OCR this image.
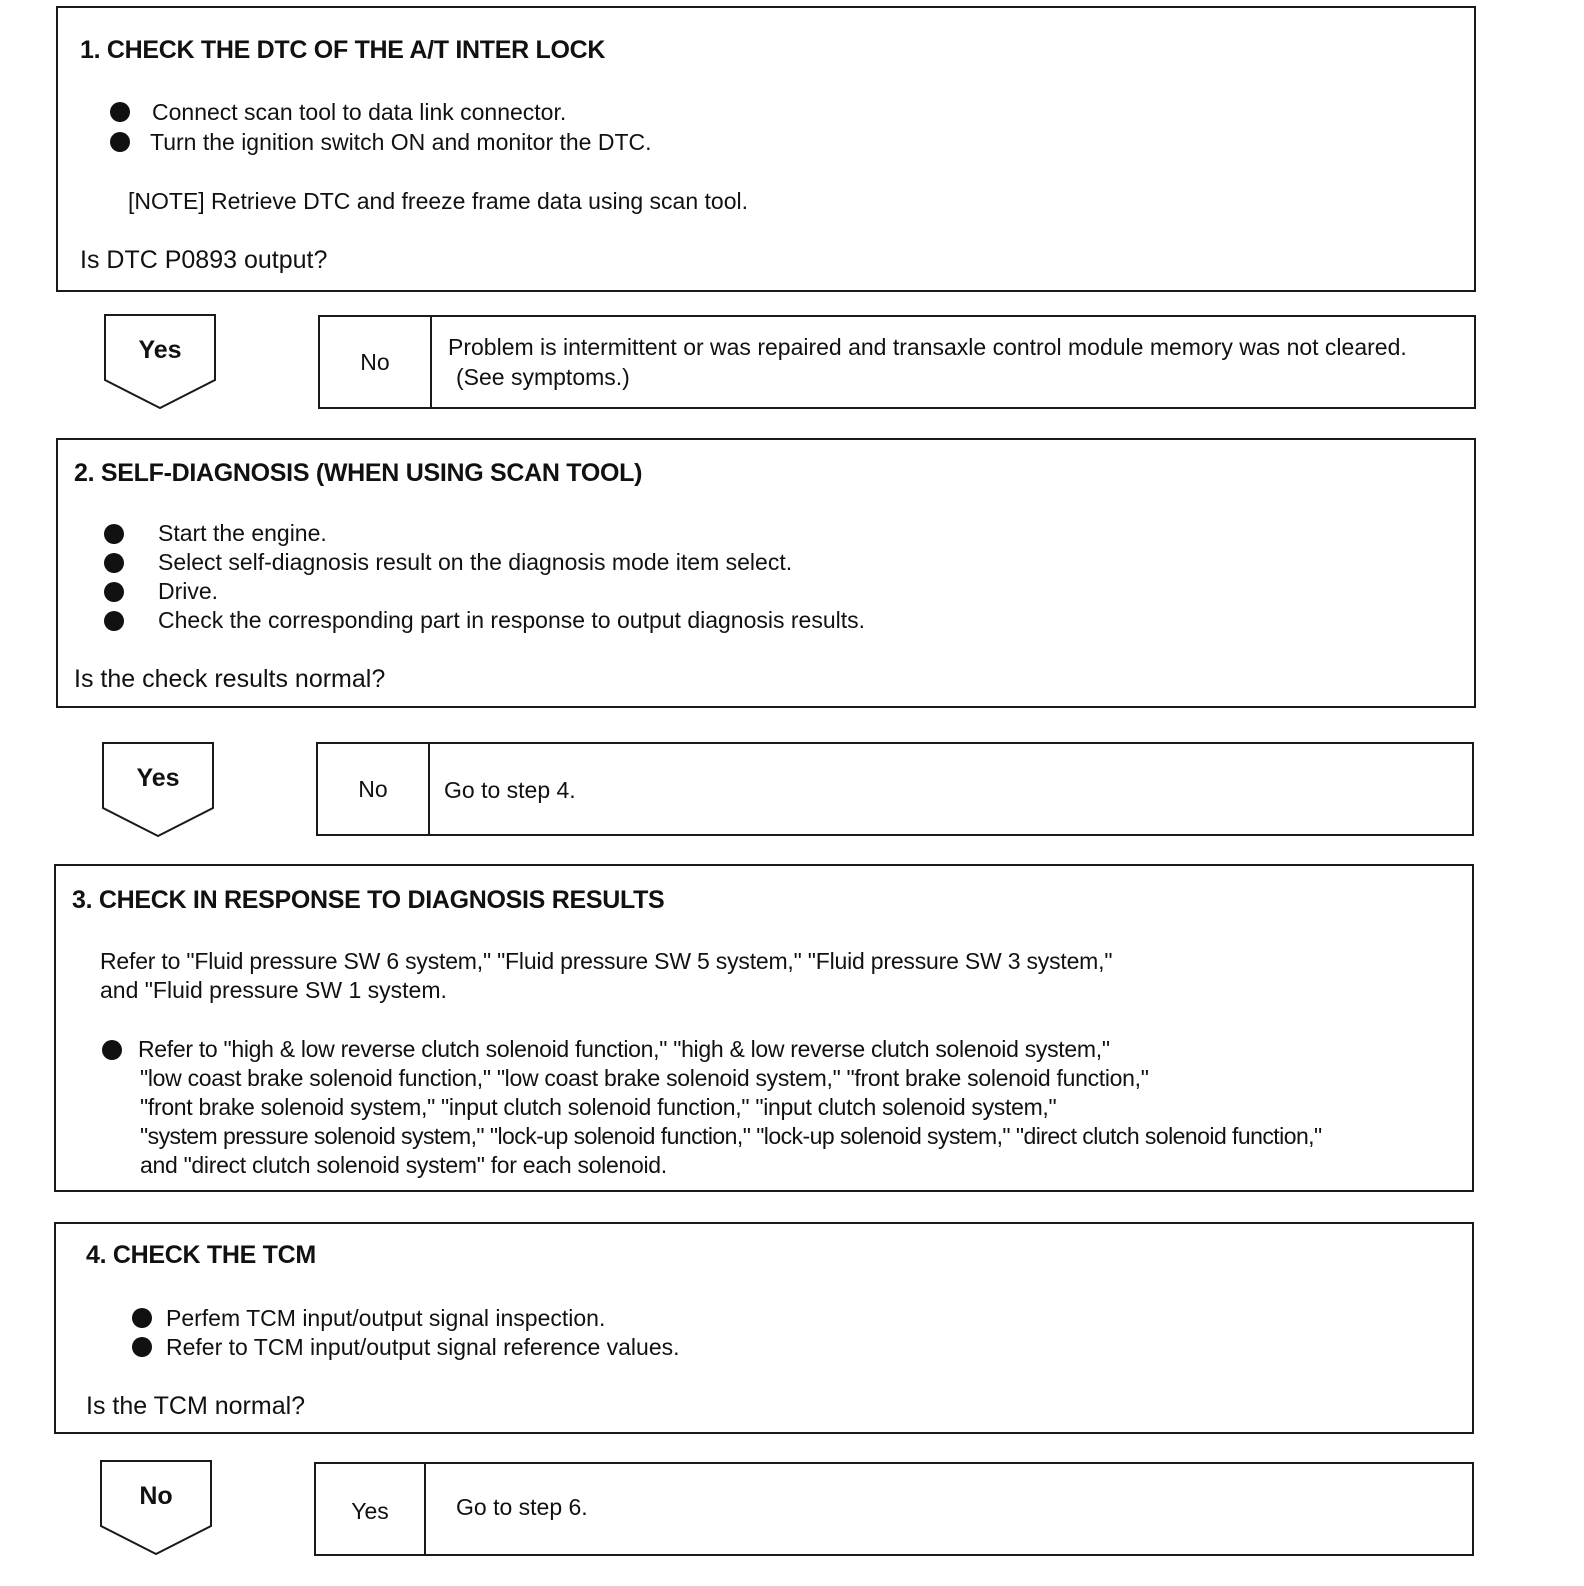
1. CHECK THE DTC OF THE A/T INTER LOCK
Connect scan tool to data link connector.
Turn the ignition switch ON and monitor the DTC.
[NOTE] Retrieve DTC and freeze frame data using scan tool.
Is DTC P0893 output?
Yes	No
Problem is intermittent or was repaired and transaxle control module memory was not cleared.
(See symptoms.)
2. SELF-DIAGNOSIS (WHEN USING SCAN TOOL)
Start the engine.
Select self-diagnosis result on the diagnosis mode item select.
Drive.
Check the corresponding part in response to output diagnosis results.
Is the check results normal?
Yes	No	Go to step 4.
3. CHECK IN RESPONSE TO DIAGNOSIS RESULTS
Refer to "Fluid pressure SW 6 system," "Fluid pressure SW 5 system," "Fluid pressure SW 3 system,"
and "Fluid pressure SW 1 system.
Refer to "high & low reverse clutch solenoid function," "high & low reverse clutch solenoid system,"
"low coast brake solenoid function," "low coast brake solenoid system," "front brake solenoid function,"
"front brake solenoid system," "input clutch solenoid function," "input clutch solenoid system,"
"system pressure solenoid system," "lock-up solenoid function," "lock-up solenoid system," "direct clutch solenoid function,"
and "direct clutch solenoid system" for each solenoid.
4. CHECK THE TCM
Perfem TCM input/output signal inspection.
Refer to TCM input/output signal reference values.
Is the TCM normal?
No
Yes	Go to step 6.
